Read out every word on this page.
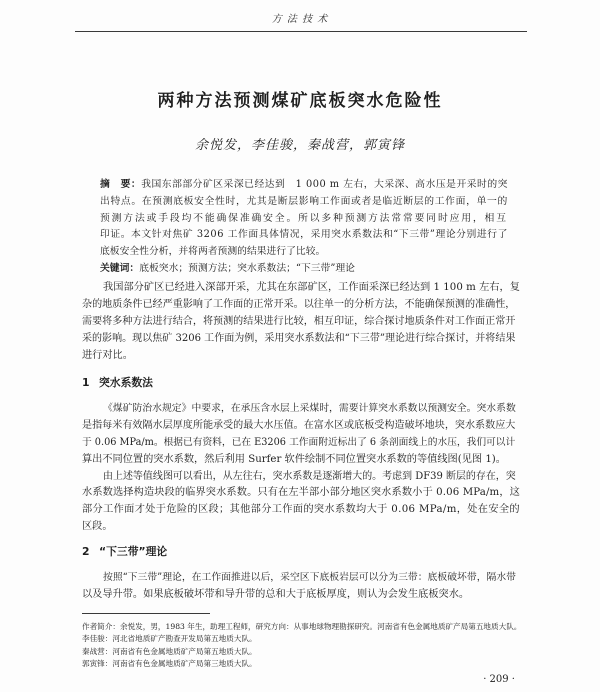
方 法 技 术
两种方法预测煤矿底板突水危险性
余悦发，李佳骏，秦战营，郭寅锋
摘　要：我国东部部分矿区采深已经达到　1 000 m 左右，大采深、高水压是开采时的突
出特点。在预测底板安全性时，尤其是断层影响工作面或者是临近断层的工作面，单一的
预测方法或手段均不能确保准确安全。所以多种预测方法常常要同时应用，相互
印证。本文针对焦矿 3206 工作面具体情况，采用突水系数法和“下三带”理论分别进行了
底板安全性分析，并将两者预测的结果进行了比较。
关键词：底板突水；预测方法；突水系数法；“下三带”理论
我国部分矿区已经进入深部开采，尤其在东部矿区，工作面采深已经达到 1 100 m 左右，复
杂的地质条件已经严重影响了工作面的正常开采。以往单一的分析方法，不能确保预测的准确性，
需要将多种方法进行结合，将预测的结果进行比较，相互印证，综合探讨地质条件对工作面正常开
采的影响。现以焦矿 3206 工作面为例，采用突水系数法和“下三带”理论进行综合探讨，并将结果
进行对比。
1 突水系数法
《煤矿防治水规定》中要求，在承压含水层上采煤时，需要计算突水系数以预测安全。突水系数
是指每米有效隔水层厚度所能承受的最大水压值。在富水区或底板受构造破坏地块，突水系数应大
于 0.06 MPa/m。根据已有资料，已在 E3206 工作面附近标出了 6 条剖面线上的水压，我们可以计
算出不同位置的突水系数，然后利用 Surfer 软件绘制不同位置突水系数的等值线图(见图 1)。
由上述等值线图可以看出，从左往右，突水系数是逐渐增大的。考虑到 DF39 断层的存在，突
水系数选择构造块段的临界突水系数。只有在左半部小部分地区突水系数小于 0.06 MPa/m，这
部分工作面才处于危险的区段；其他部分工作面的突水系数均大于 0.06 MPa/m，处在安全的
区段。
2 “下三带”理论
按照“下三带”理论，在工作面推进以后，采空区下底板岩层可以分为三带：底板破坏带，隔水带
以及导升带。如果底板破坏带和导升带的总和大于底板厚度，则认为会发生底板突水。
作者简介：余悦发，男，1983 年生，助理工程师，研究方向：从事地球物理勘探研究。河南省有色金属地质矿产局第五地质大队。
李佳骏：河北省地质矿产勘查开发局第五地质大队。
秦战营：河南省有色金属地质矿产局第五地质大队。
郭寅锋：河南省有色金属地质矿产局第三地质大队。
· 209 ·
